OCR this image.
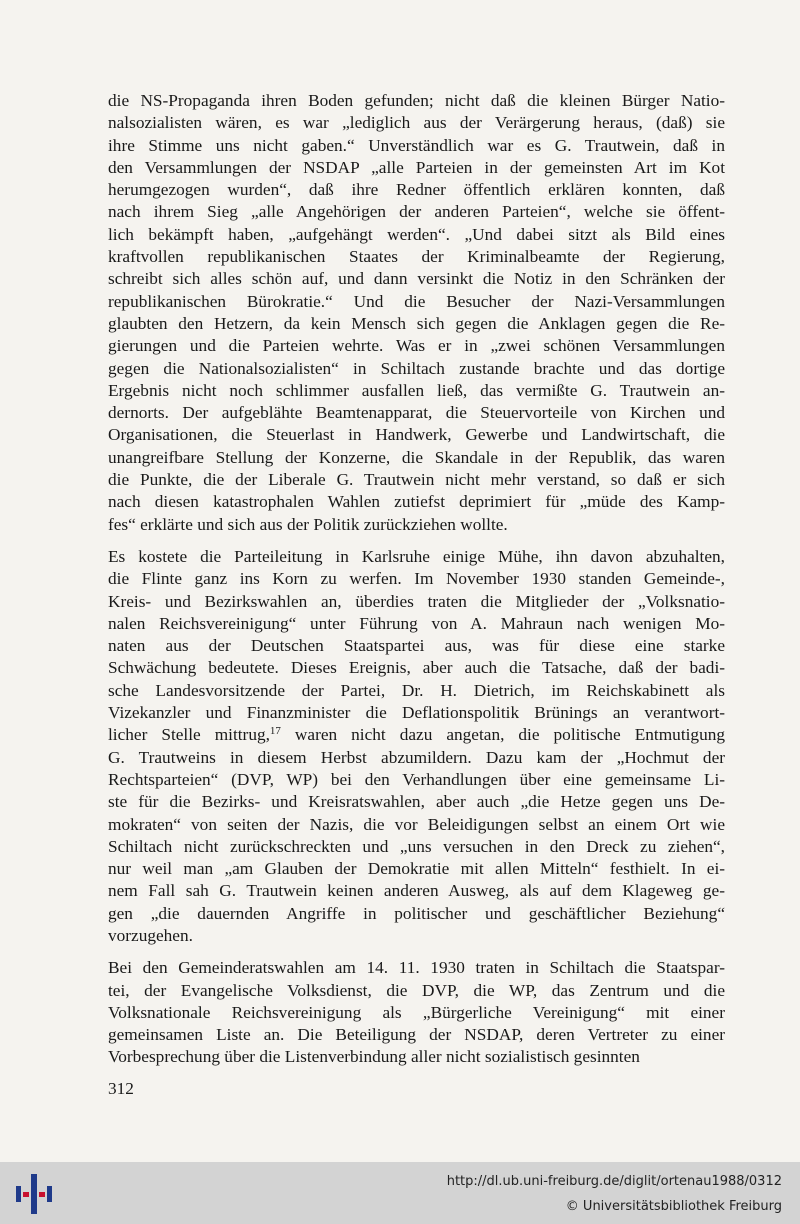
die NS-Propaganda ihren Boden gefunden; nicht daß die kleinen Bürger Natio-

nalsozialisten wären, es war „lediglich aus der Verärgerung heraus, (daß) sie

ihre Stimme uns nicht gaben.“ Unverständlich war es G. Trautwein, daß in

den Versammlungen der NSDAP „alle Parteien in der gemeinsten Art im Kot

herumgezogen wurden“, daß ihre Redner öffentlich erklären konnten, daß

nach ihrem Sieg „alle Angehörigen der anderen Parteien“, welche sie öffent-

lich bekämpft haben, „aufgehängt werden“. „Und dabei sitzt als Bild eines

kraftvollen republikanischen Staates der Kriminalbeamte der Regierung,

schreibt sich alles schön auf, und dann versinkt die Notiz in den Schränken der

republikanischen Bürokratie.“ Und die Besucher der Nazi-Versammlungen

glaubten den Hetzern, da kein Mensch sich gegen die Anklagen gegen die Re-

gierungen und die Parteien wehrte. Was er in „zwei schönen Versammlungen

gegen die Nationalsozialisten“ in Schiltach zustande brachte und das dortige

Ergebnis nicht noch schlimmer ausfallen ließ, das vermißte G. Trautwein an-

dernorts. Der aufgeblähte Beamtenapparat, die Steuervorteile von Kirchen und

Organisationen, die Steuerlast in Handwerk, Gewerbe und Landwirtschaft, die

unangreifbare Stellung der Konzerne, die Skandale in der Republik, das waren

die Punkte, die der Liberale G. Trautwein nicht mehr verstand, so daß er sich

nach diesen katastrophalen Wahlen zutiefst deprimiert für „müde des Kamp-

fes“ erklärte und sich aus der Politik zurückziehen wollte.

Es kostete die Parteileitung in Karlsruhe einige Mühe, ihn davon abzuhalten,

die Flinte ganz ins Korn zu werfen. Im November 1930 standen Gemeinde-,

Kreis- und Bezirkswahlen an, überdies traten die Mitglieder der „Volksnatio-

nalen Reichsvereinigung“ unter Führung von A. Mahraun nach wenigen Mo-

naten aus der Deutschen Staatspartei aus, was für diese eine starke

Schwächung bedeutete. Dieses Ereignis, aber auch die Tatsache, daß der badi-

sche Landesvorsitzende der Partei, Dr. H. Dietrich, im Reichskabinett als

Vizekanzler und Finanzminister die Deflationspolitik Brünings an verantwort-

licher Stelle mittrug,$^{17}$ waren nicht dazu angetan, die politische Entmutigung

G. Trautweins in diesem Herbst abzumildern. Dazu kam der „Hochmut der

Rechtsparteien“ (DVP, WP) bei den Verhandlungen über eine gemeinsame Li-

ste für die Bezirks- und Kreisratswahlen, aber auch „die Hetze gegen uns De-

mokraten“ von seiten der Nazis, die vor Beleidigungen selbst an einem Ort wie

Schiltach nicht zurückschreckten und „uns versuchen in den Dreck zu ziehen“,

nur weil man „am Glauben der Demokratie mit allen Mitteln“ festhielt. In ei-

nem Fall sah G. Trautwein keinen anderen Ausweg, als auf dem Klageweg ge-

gen „die dauernden Angriffe in politischer und geschäftlicher Beziehung“

vorzugehen.

Bei den Gemeinderatswahlen am 14. 11. 1930 traten in Schiltach die Staatspar-

tei, der Evangelische Volksdienst, die DVP, die WP, das Zentrum und die

Volksnationale Reichsvereinigung als „Bürgerliche Vereinigung“ mit einer

gemeinsamen Liste an. Die Beteiligung der NSDAP, deren Vertreter zu einer

Vorbesprechung über die Listenverbindung aller nicht sozialistisch gesinnten

312
http://dl.ub.uni-freiburg.de/diglit/ortenau1988/0312
© Universitätsbibliothek Freiburg
